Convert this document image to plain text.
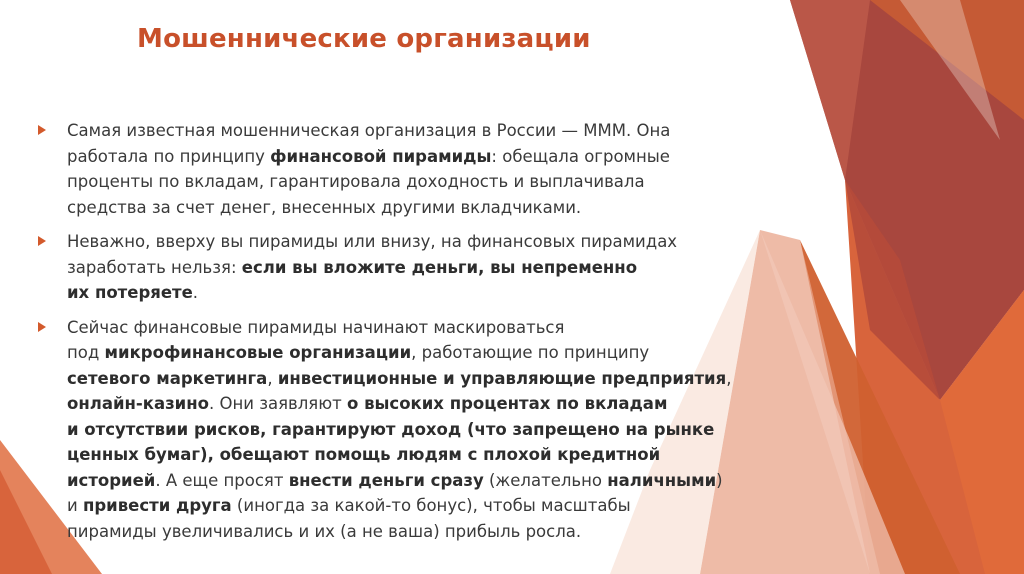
Мошеннические организации
Самая известная мошенническая организация в России — МММ. Она
работала по принципу финансовой пирамиды: обещала огромные
проценты по вкладам, гарантировала доходность и выплачивала
средства за счет денег, внесенных другими вкладчиками.
Неважно, вверху вы пирамиды или внизу, на финансовых пирамидах
заработать нельзя: если вы вложите деньги, вы непременно
их потеряете.
Сейчас финансовые пирамиды начинают маскироваться
под микрофинансовые организации, работающие по принципу
сетевого маркетинга, инвестиционные и управляющие предприятия,
онлайн-казино. Они заявляют о высоких процентах по вкладам
и отсутствии рисков, гарантируют доход (что запрещено на рынке
ценных бумаг), обещают помощь людям с плохой кредитной
историей. А еще просят внести деньги сразу (желательно наличными)
и привести друга (иногда за какой-то бонус), чтобы масштабы
пирамиды увеличивались и их (а не ваша) прибыль росла.
